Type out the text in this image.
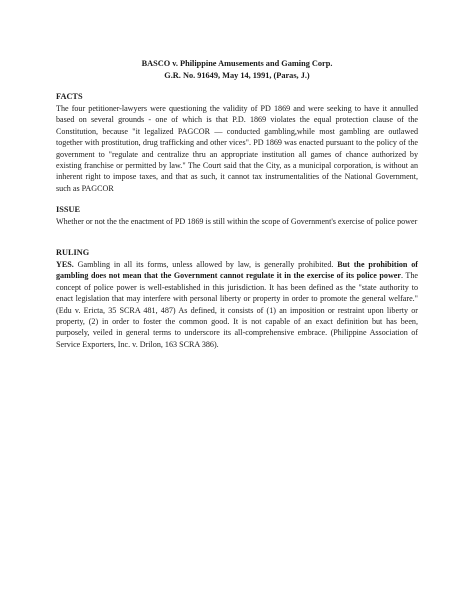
BASCO v. Philippine Amusements and Gaming Corp.
G.R. No. 91649, May 14, 1991, (Paras, J.)
FACTS

The four petitioner-lawyers were questioning the validity of PD 1869 and were seeking to have it annulled based on several grounds - one of which is that P.D. 1869 violates the equal protection clause of the Constitution, because "it legalized PAGCOR — conducted gambling,while most gambling are outlawed together with prostitution, drug trafficking and other vices". PD 1869 was enacted pursuant to the policy of the government to "regulate and centralize thru an appropriate institution all games of chance authorized by existing franchise or permitted by law." The Court said that the City, as a municipal corporation, is without an inherent right to impose taxes, and that as such, it cannot tax instrumentalities of the National Government, such as PAGCOR

ISSUE

Whether or not the the enactment of PD 1869 is still within the scope of Government's exercise of police power

RULING

YES. Gambling in all its forms, unless allowed by law, is generally prohibited. But the prohibition of gambling does not mean that the Government cannot regulate it in the exercise of its police power. The concept of police power is well-established in this jurisdiction. It has been defined as the "state authority to enact legislation that may interfere with personal liberty or property in order to promote the general welfare." (Edu v. Ericta, 35 SCRA 481, 487) As defined, it consists of (1) an imposition or restraint upon liberty or property, (2) in order to foster the common good. It is not capable of an exact definition but has been, purposely, veiled in general terms to underscore its all-comprehensive embrace. (Philippine Association of Service Exporters, Inc. v. Drilon, 163 SCRA 386).
